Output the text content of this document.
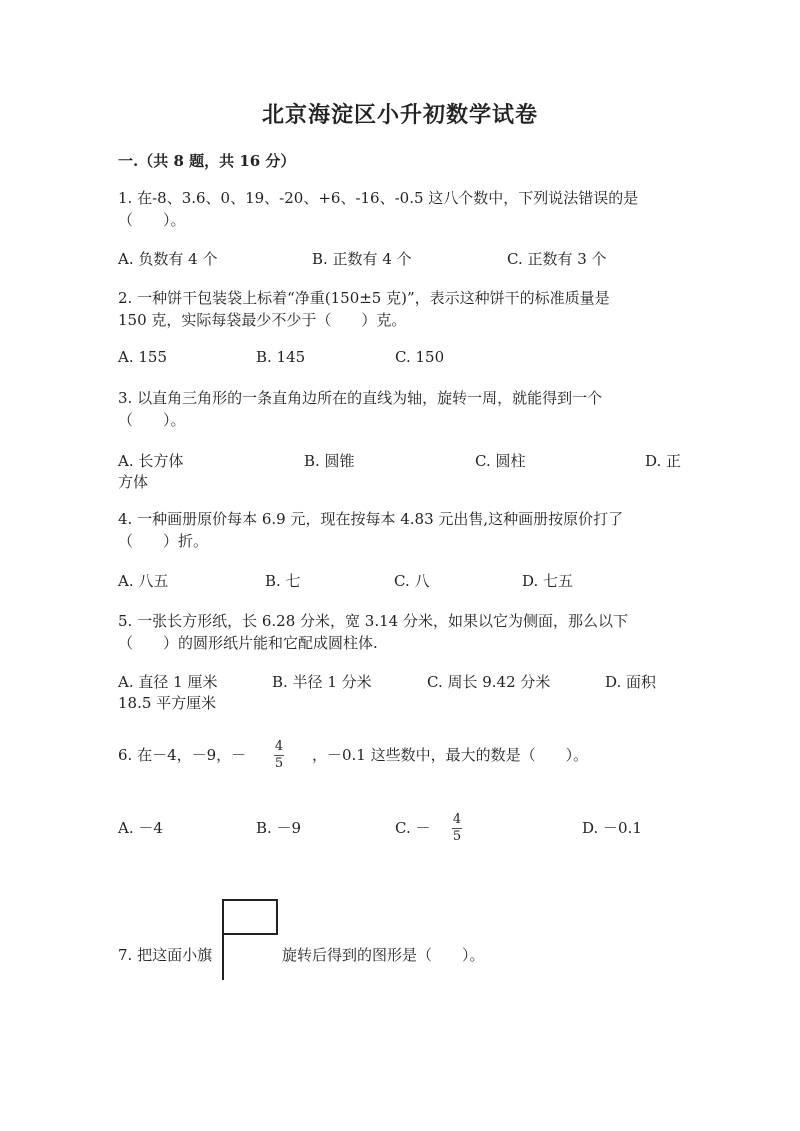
北京海淀区小升初数学试卷
一.（共 8 题，共 16 分）
1. 在-8、3.6、0、19、-20、+6、-16、-0.5 这八个数中，下列说法错误的是
（　　）。
A. 负数有 4 个	B. 正数有 4 个	C. 正数有 3 个
2. 一种饼干包装袋上标着“净重(150±5 克)”，表示这种饼干的标准质量是
150 克，实际每袋最少不少于（　　）克。
A. 155	B. 145	C. 150
3. 以直角三角形的一条直角边所在的直线为轴，旋转一周，就能得到一个
（　　）。
A. 长方体	B. 圆锥	C. 圆柱	D. 正
方体
4. 一种画册原价每本 6.9 元，现在按每本 4.83 元出售,这种画册按原价打了
（　　）折。
A. 八五	B. 七	C. 八	D. 七五
5. 一张长方形纸，长 6.28 分米，宽 3.14 分米，如果以它为侧面，那么以下
（　　）的圆形纸片能和它配成圆柱体.
A. 直径 1 厘米	B. 半径 1 分米	C. 周长 9.42 分米	D. 面积
18.5 平方厘米
6. 在－4，－9，－ $\frac{4}{5}$ ，－0.1 这些数中，最大的数是（　　）。
A. －4	B. －9	C. － $\frac{4}{5}$	D. －0.1
7. 把这面小旗	旋转后得到的图形是（　　）。
